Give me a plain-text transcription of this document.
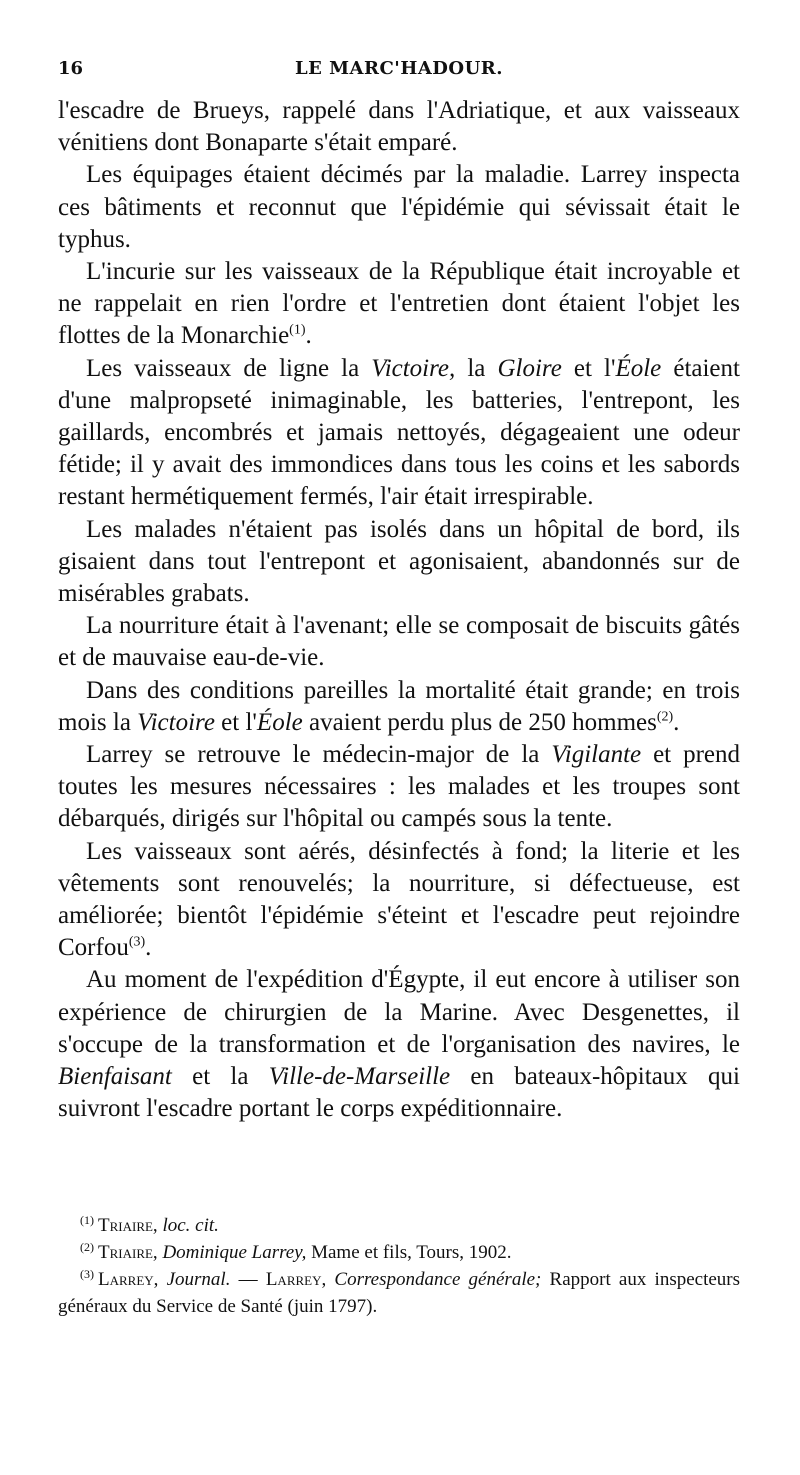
16	LE MARC'HADOUR.

l'escadre de Brueys, rappelé dans l'Adriatique, et aux vaisseaux vénitiens dont Bonaparte s'était emparé.

Les équipages étaient décimés par la maladie. Larrey inspecta ces bâtiments et reconnut que l'épidémie qui sévissait était le typhus.

L'incurie sur les vaisseaux de la République était incroyable et ne rappelait en rien l'ordre et l'entretien dont étaient l'objet les flottes de la Monarchie$^{(1)}$.

Les vaisseaux de ligne la Victoire, la Gloire et l'Éole étaient d'une malpropseté inimaginable, les batteries, l'entrepont, les gaillards, encombrés et jamais nettoyés, dégageaient une odeur fétide; il y avait des immondices dans tous les coins et les sabords restant hermétiquement fermés, l'air était irrespirable.

Les malades n'étaient pas isolés dans un hôpital de bord, ils gisaient dans tout l'entrepont et agonisaient, abandonnés sur de misérables grabats.

La nourriture était à l'avenant; elle se composait de biscuits gâtés et de mauvaise eau-de-vie.

Dans des conditions pareilles la mortalité était grande; en trois mois la Victoire et l'Éole avaient perdu plus de 250 hommes$^{(2)}$.

Larrey se retrouve le médecin-major de la Vigilante et prend toutes les mesures nécessaires : les malades et les troupes sont débarqués, dirigés sur l'hôpital ou campés sous la tente.

Les vaisseaux sont aérés, désinfectés à fond; la literie et les vêtements sont renouvelés; la nourriture, si défectueuse, est améliorée; bientôt l'épidémie s'éteint et l'escadre peut rejoindre Corfou$^{(3)}$.

Au moment de l'expédition d'Égypte, il eut encore à utiliser son expérience de chirurgien de la Marine. Avec Desgenettes, il s'occupe de la transformation et de l'organisation des navires, le Bienfaisant et la Ville-de-Marseille en bateaux-hôpitaux qui suivront l'escadre portant le corps expéditionnaire.

$^{(1)}$ Triaire, loc. cit.

$^{(2)}$ Triaire, Dominique Larrey, Mame et fils, Tours, 1902.

$^{(3)}$ Larrey, Journal. — Larrey, Correspondance générale; Rapport aux inspecteurs généraux du Service de Santé (juin 1797).
